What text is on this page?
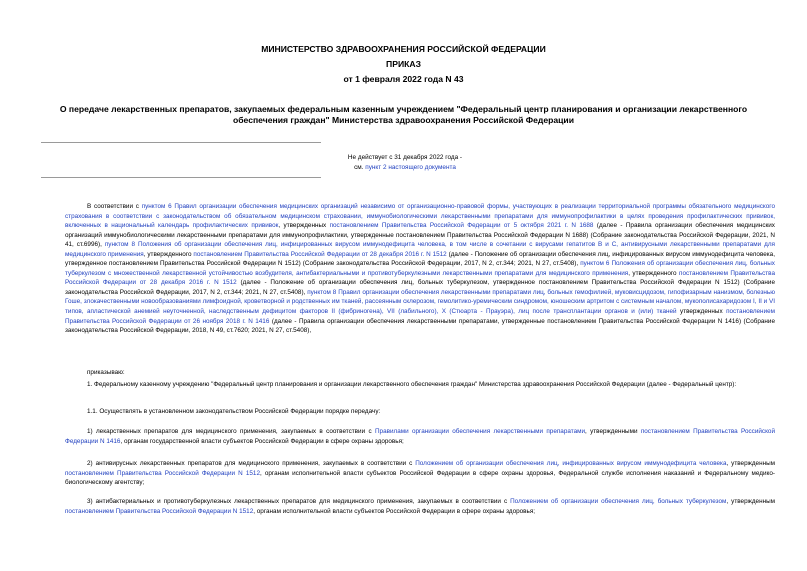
МИНИСТЕРСТВО ЗДРАВООХРАНЕНИЯ РОССИЙСКОЙ ФЕДЕРАЦИИ

ПРИКАЗ

от 1 февраля 2022 года N 43

О передаче лекарственных препаратов, закупаемых федеральным казенным учреждением "Федеральный центр планирования и организации лекарственного обеспечения граждан" Министерства здравоохранения Российской Федерации

Не действует с 31 декабря 2022 года -
см. пункт 2 настоящего документа

В соответствии с пунктом 6 Правил организации обеспечения медицинских организаций независимо от организационно-правовой формы, участвующих в реализации территориальной программы обязательного медицинского страхования в соответствии с законодательством об обязательном медицинском страховании, иммунобиологическими лекарственными препаратами для иммунопрофилактики в целях проведения профилактических прививок, включенных в национальный календарь профилактических прививок, утвержденных постановлением Правительства Российской Федерации от 5 октября 2021 г. N 1688 (далее - Правила организации обеспечения медицинских организаций иммунобиологическими лекарственными препаратами для иммунопрофилактики, утвержденные постановлением Правительства Российской Федерации N 1688) (Собрание законодательства Российской Федерации, 2021, N 41, ст.6996), пунктом 8 Положения об организации обеспечения лиц, инфицированных вирусом иммунодефицита человека, в том числе в сочетании с вирусами гепатитов B и C, антивирусными лекарственными препаратами для медицинского применения, утвержденного постановлением Правительства Российской Федерации от 28 декабря 2016 г. N 1512 (далее - Положение об организации обеспечения лиц, инфицированных вирусом иммунодефицита человека, утвержденное постановлением Правительства Российской Федерации N 1512) (Собрание законодательства Российской Федерации, 2017, N 2, ст.344; 2021, N 27, ст.5408), пунктом 6 Положения об организации обеспечения лиц, больных туберкулезом с множественной лекарственной устойчивостью возбудителя, антибактериальными и противотуберкулезными лекарственными препаратами для медицинского применения, утвержденного постановлением Правительства Российской Федерации от 28 декабря 2016 г. N 1512 (далее - Положение об организации обеспечения лиц, больных туберкулезом, утвержденное постановлением Правительства Российской Федерации N 1512) (Собрание законодательства Российской Федерации, 2017, N 2, ст.344; 2021, N 27, ст.5408), пунктом 8 Правил организации обеспечения лекарственными препаратами лиц, больных гемофилией, муковисцидозом, гипофизарным нанизмом, болезнью Гоше, злокачественными новообразованиями лимфоидной, кроветворной и родственных им тканей, рассеянным склерозом, гемолитико-уремическим синдромом, юношеским артритом с системным началом, мукополисахаридозом I, II и VI типов, апластической анемией неуточненной, наследственным дефицитом факторов II (фибриногена), VII (лабильного), X (Стюарта - Прауэра), лиц после трансплантации органов и (или) тканей утвержденных постановлением Правительства Российской Федерации от 26 ноября 2018 г. N 1416 (далее - Правила организации обеспечения лекарственными препаратами, утвержденные постановлением Правительства Российской Федерации N 1416) (Собрание законодательства Российской Федерации, 2018, N 49, ст.7620; 2021, N 27, ст.5408),

приказываю:

1. Федеральному казенному учреждению "Федеральный центр планирования и организации лекарственного обеспечения граждан" Министерства здравоохранения Российской Федерации (далее - Федеральный центр):

1.1. Осуществлять в установленном законодательством Российской Федерации порядке передачу:

1) лекарственных препаратов для медицинского применения, закупаемых в соответствии с Правилами организации обеспечения лекарственными препаратами, утвержденными постановлением Правительства Российской Федерации N 1416, органам государственной власти субъектов Российской Федерации в сфере охраны здоровья;

2) антивирусных лекарственных препаратов для медицинского применения, закупаемых в соответствии с Положением об организации обеспечения лиц, инфицированных вирусом иммунодефицита человека, утвержденным постановлением Правительства Российской Федерации N 1512, органам исполнительной власти субъектов Российской Федерации в сфере охраны здоровья, Федеральной службе исполнения наказаний и Федеральному медико-биологическому агентству;

3) антибактериальных и противотуберкулезных лекарственных препаратов для медицинского применения, закупаемых в соответствии с Положением об организации обеспечения лиц, больных туберкулезом, утвержденным постановлением Правительства Российской Федерации N 1512, органам исполнительной власти субъектов Российской Федерации в сфере охраны здоровья;
